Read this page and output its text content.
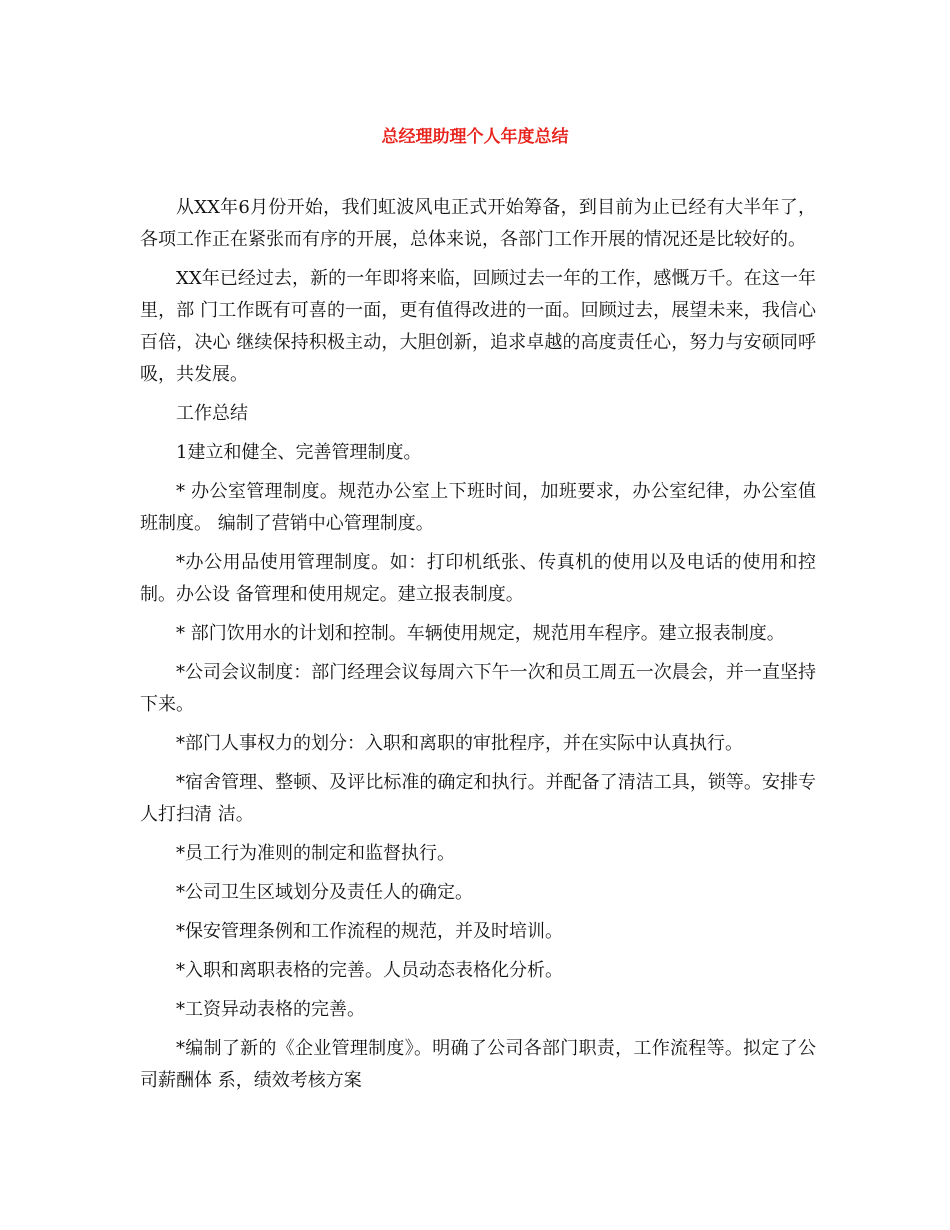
总经理助理个人年度总结

从XX年6月份开始，我们虹波风电正式开始筹备，到目前为止已经有大半年了，各项工作正在紧张而有序的开展，总体来说，各部门工作开展的情况还是比较好的。

XX年已经过去，新的一年即将来临，回顾过去一年的工作，感慨万千。在这一年里，部 门工作既有可喜的一面，更有值得改进的一面。回顾过去，展望未来，我信心百倍，决心 继续保持积极主动，大胆创新，追求卓越的高度责任心，努力与安硕同呼吸，共发展。

工作总结

1建立和健全、完善管理制度。

* 办公室管理制度。规范办公室上下班时间，加班要求，办公室纪律，办公室值班制度。 编制了营销中心管理制度。

*办公用品使用管理制度。如：打印机纸张、传真机的使用以及电话的使用和控制。办公设 备管理和使用规定。建立报表制度。

* 部门饮用水的计划和控制。车辆使用规定，规范用车程序。建立报表制度。

*公司会议制度：部门经理会议每周六下午一次和员工周五一次晨会，并一直坚持下来。

*部门人事权力的划分：入职和离职的审批程序，并在实际中认真执行。

*宿舍管理、整顿、及评比标准的确定和执行。并配备了清洁工具，锁等。安排专人打扫清 洁。

*员工行为准则的制定和监督执行。

*公司卫生区域划分及责任人的确定。

*保安管理条例和工作流程的规范，并及时培训。

*入职和离职表格的完善。人员动态表格化分析。

*工资异动表格的完善。

*编制了新的《企业管理制度》。明确了公司各部门职责，工作流程等。拟定了公司薪酬体 系，绩效考核方案
